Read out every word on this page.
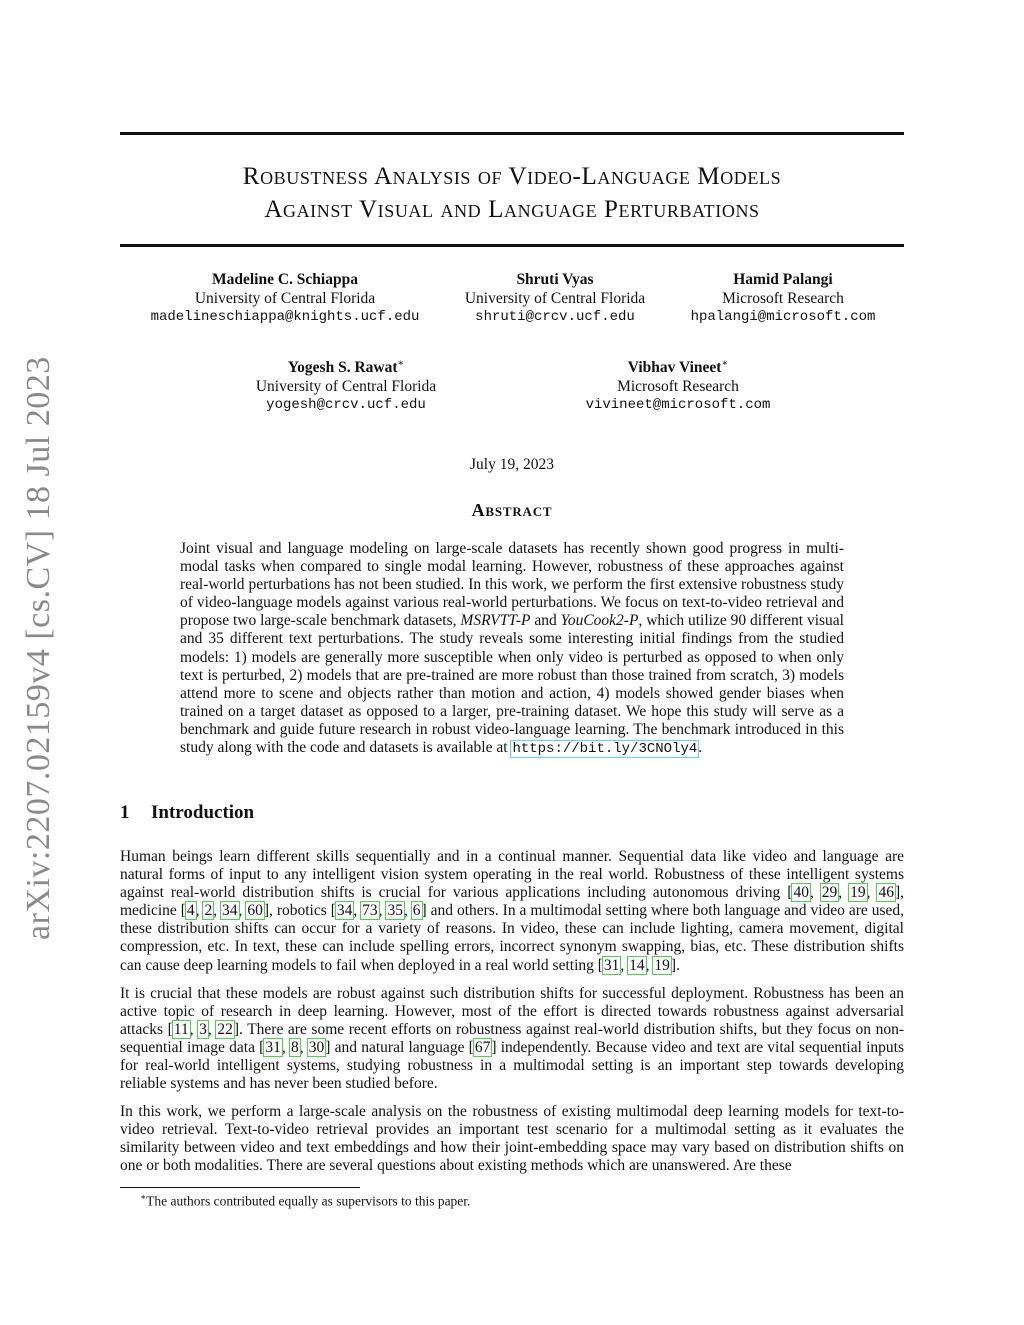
arXiv:2207.02159v4 [cs.CV] 18 Jul 2023
Robustness Analysis of Video-Language Models
Against Visual and Language Perturbations
Madeline C. Schiappa
University of Central Florida
madelineschiappa@knights.ucf.edu
Shruti Vyas
University of Central Florida
shruti@crcv.ucf.edu
Hamid Palangi
Microsoft Research
hpalangi@microsoft.com
Yogesh S. Rawat∗
University of Central Florida
yogesh@crcv.ucf.edu
Vibhav Vineet∗
Microsoft Research
vivineet@microsoft.com
July 19, 2023
Abstract
Joint visual and language modeling on large-scale datasets has recently shown good progress in multi-modal tasks when compared to single modal learning. However, robustness of these approaches against real-world perturbations has not been studied. In this work, we perform the first extensive robustness study of video-language models against various real-world perturbations. We focus on text-to-video retrieval and propose two large-scale benchmark datasets, MSRVTT-P and YouCook2-P, which utilize 90 different visual and 35 different text perturbations. The study reveals some interesting initial findings from the studied models: 1) models are generally more susceptible when only video is perturbed as opposed to when only text is perturbed, 2) models that are pre-trained are more robust than those trained from scratch, 3) models attend more to scene and objects rather than motion and action, 4) models showed gender biases when trained on a target dataset as opposed to a larger, pre-training dataset. We hope this study will serve as a benchmark and guide future research in robust video-language learning. The benchmark introduced in this study along with the code and datasets is available at https://bit.ly/3CNOly4.
1 Introduction

Human beings learn different skills sequentially and in a continual manner. Sequential data like video and language are natural forms of input to any intelligent vision system operating in the real world. Robustness of these intelligent systems against real-world distribution shifts is crucial for various applications including autonomous driving [40, 29, 19, 46], medicine [4, 2, 34, 60], robotics [34, 73, 35, 6] and others. In a multimodal setting where both language and video are used, these distribution shifts can occur for a variety of reasons. In video, these can include lighting, camera movement, digital compression, etc. In text, these can include spelling errors, incorrect synonym swapping, bias, etc. These distribution shifts can cause deep learning models to fail when deployed in a real world setting [31, 14, 19].

It is crucial that these models are robust against such distribution shifts for successful deployment. Robustness has been an active topic of research in deep learning. However, most of the effort is directed towards robustness against adversarial attacks [11, 3, 22]. There are some recent efforts on robustness against real-world distribution shifts, but they focus on non-sequential image data [31, 8, 30] and natural language [67] independently. Because video and text are vital sequential inputs for real-world intelligent systems, studying robustness in a multimodal setting is an important step towards developing reliable systems and has never been studied before.

In this work, we perform a large-scale analysis on the robustness of existing multimodal deep learning models for text-to-video retrieval. Text-to-video retrieval provides an important test scenario for a multimodal setting as it evaluates the similarity between video and text embeddings and how their joint-embedding space may vary based on distribution shifts on one or both modalities. There are several questions about existing methods which are unanswered. Are these

∗The authors contributed equally as supervisors to this paper.
